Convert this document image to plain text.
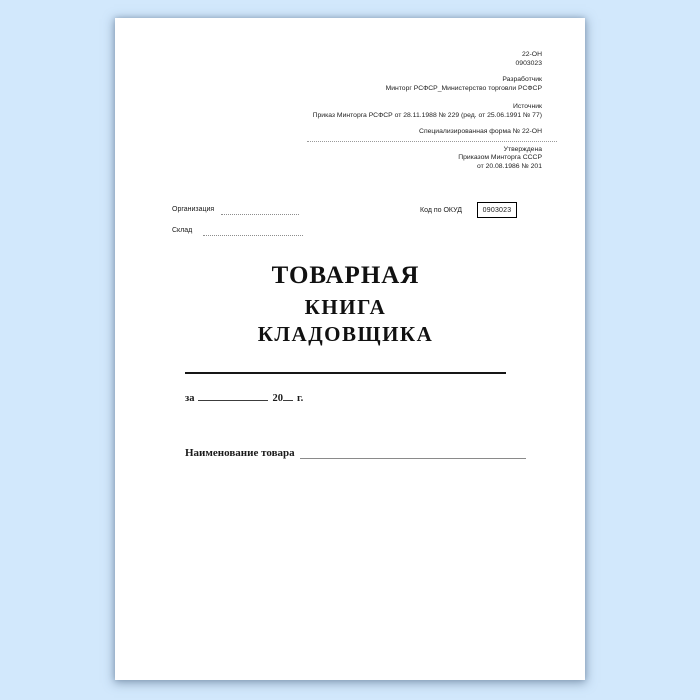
22-ОН
0903023
Разработчик
Минторг РСФСР_Министерство торговли РСФСР
Источник
Приказ Минторга РСФСР от 28.11.1988 № 229 (ред. от 25.06.1991 № 77)
Специализированная форма № 22-ОН
Утверждена
Приказом Минторга СССР
от 20.08.1986 № 201
Организация
Склад
Код по ОКУД	0903023
ТОВАРНАЯ
КНИГА
КЛАДОВЩИКА
за	20 г.
Наименование товара
